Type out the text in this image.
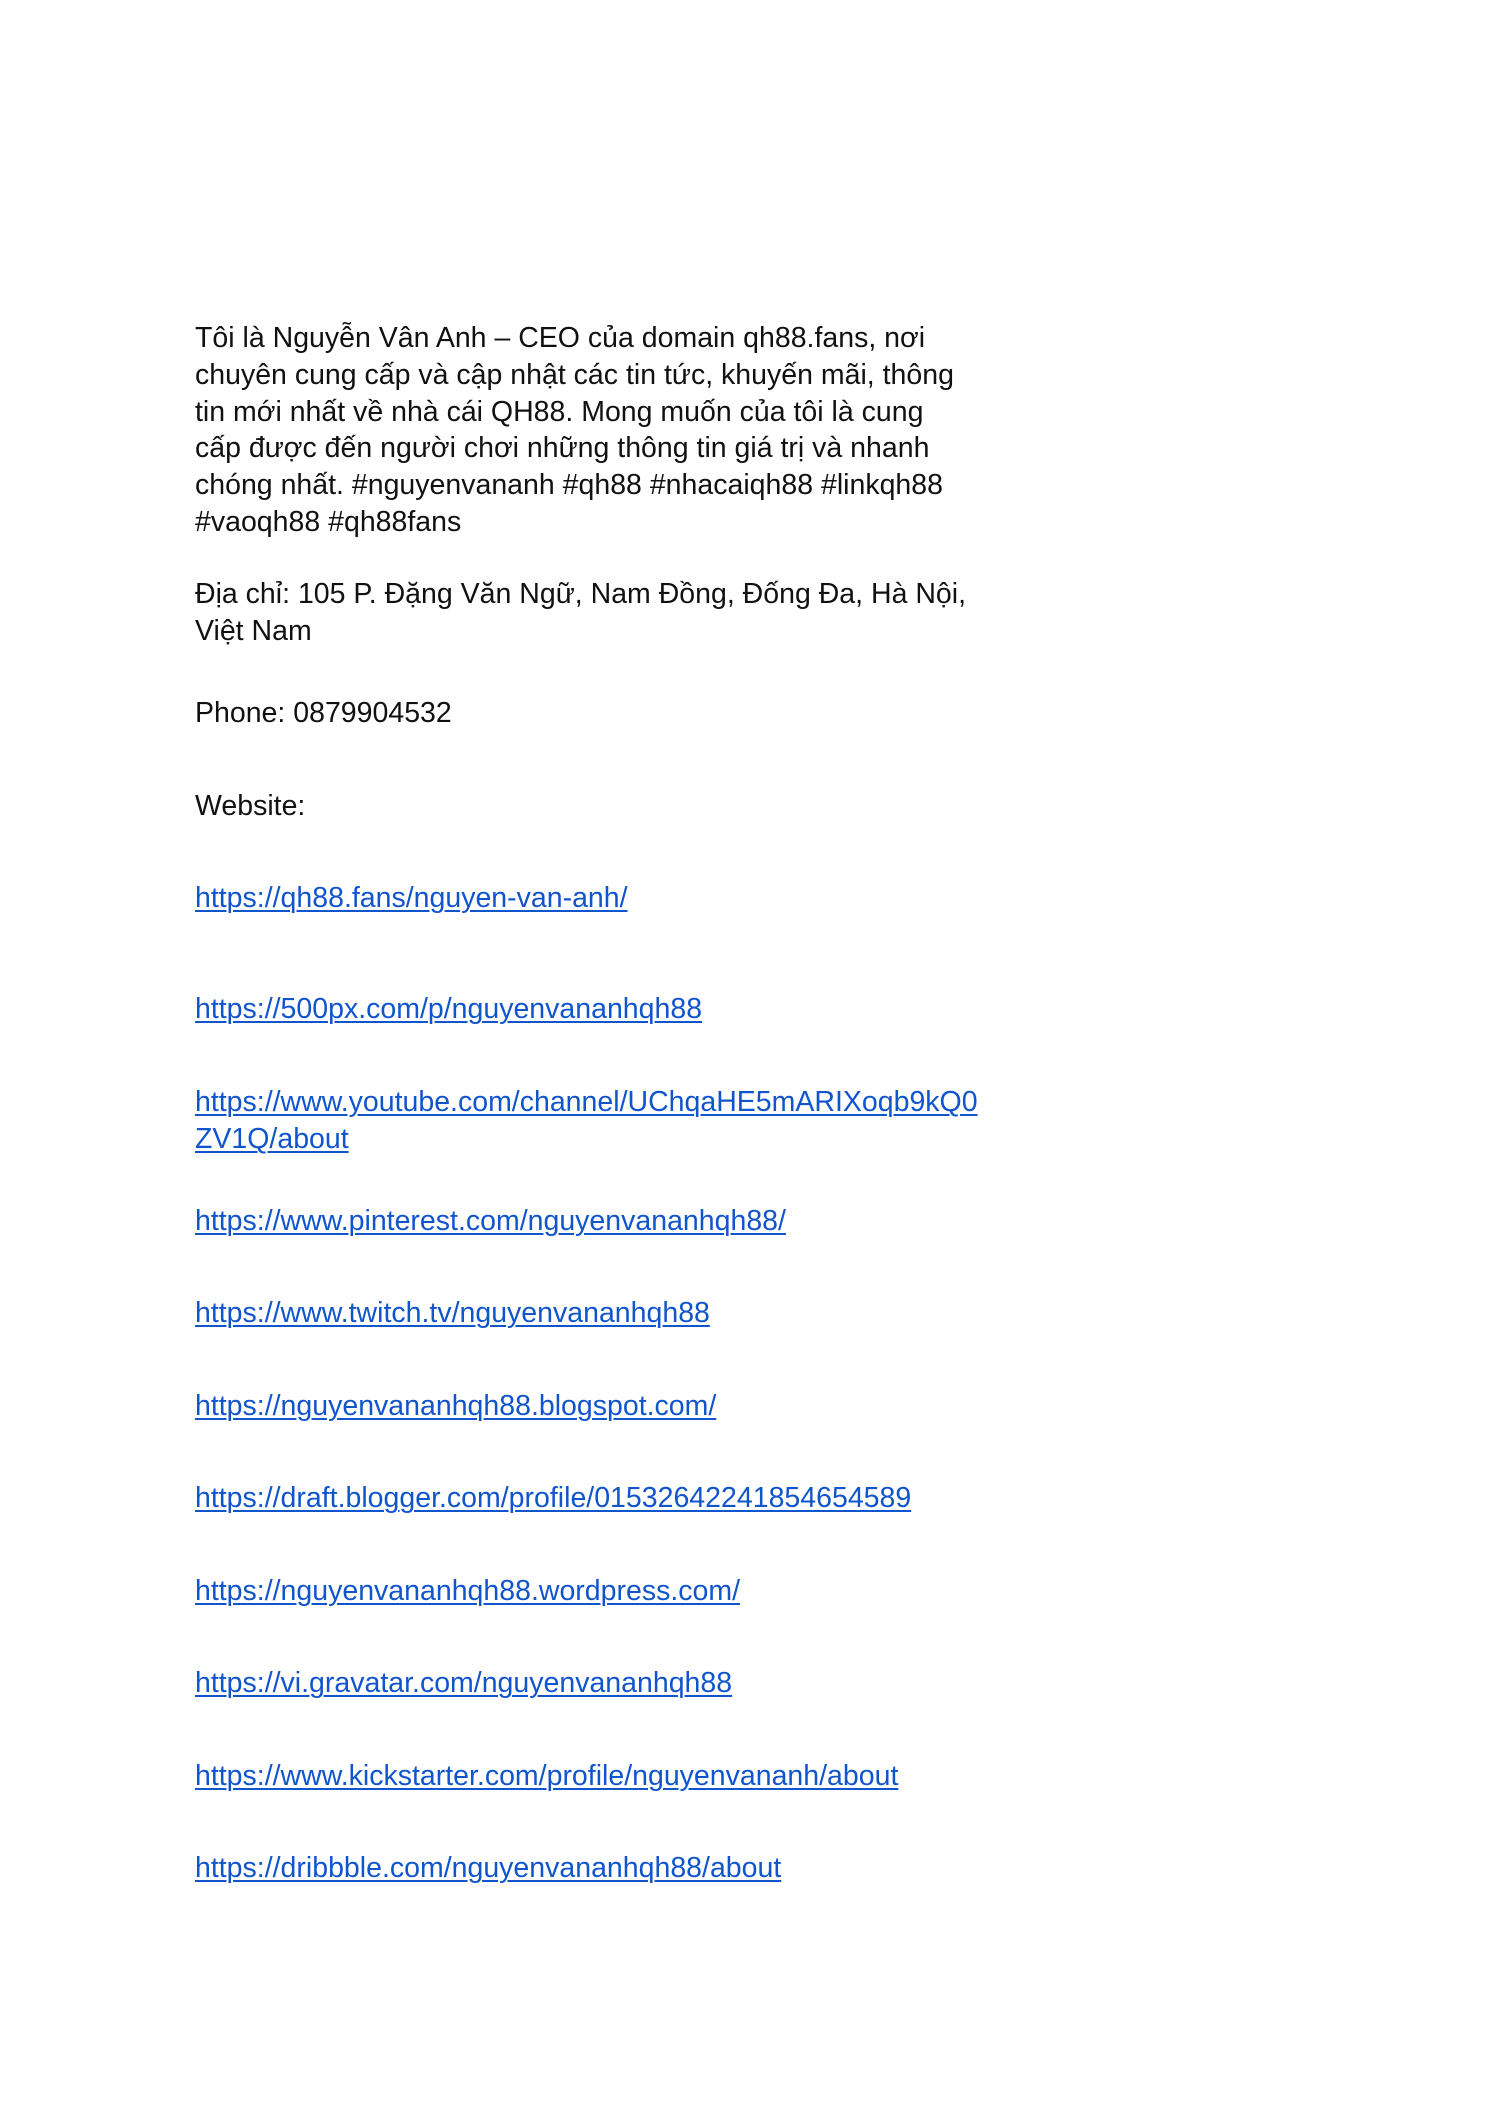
Tôi là Nguyễn Vân Anh – CEO của domain qh88.fans, nơi chuyên cung cấp và cập nhật các tin tức, khuyến mãi, thông tin mới nhất về nhà cái QH88. Mong muốn của tôi là cung cấp được đến người chơi những thông tin giá trị và nhanh chóng nhất. #nguyenvananh #qh88 #nhacaiqh88 #linkqh88 #vaoqh88 #qh88fans

Địa chỉ: 105 P. Đặng Văn Ngữ, Nam Đồng, Đống Đa, Hà Nội, Việt Nam

Phone: 0879904532

Website:

https://qh88.fans/nguyen-van-anh/
https://500px.com/p/nguyenvananhqh88
https://www.youtube.com/channel/UChqaHE5mARIXoqb9kQ0ZV1Q/about
https://www.pinterest.com/nguyenvananhqh88/
https://www.twitch.tv/nguyenvananhqh88
https://nguyenvananhqh88.blogspot.com/
https://draft.blogger.com/profile/01532642241854654589
https://nguyenvananhqh88.wordpress.com/
https://vi.gravatar.com/nguyenvananhqh88
https://www.kickstarter.com/profile/nguyenvananh/about
https://dribbble.com/nguyenvananhqh88/about
